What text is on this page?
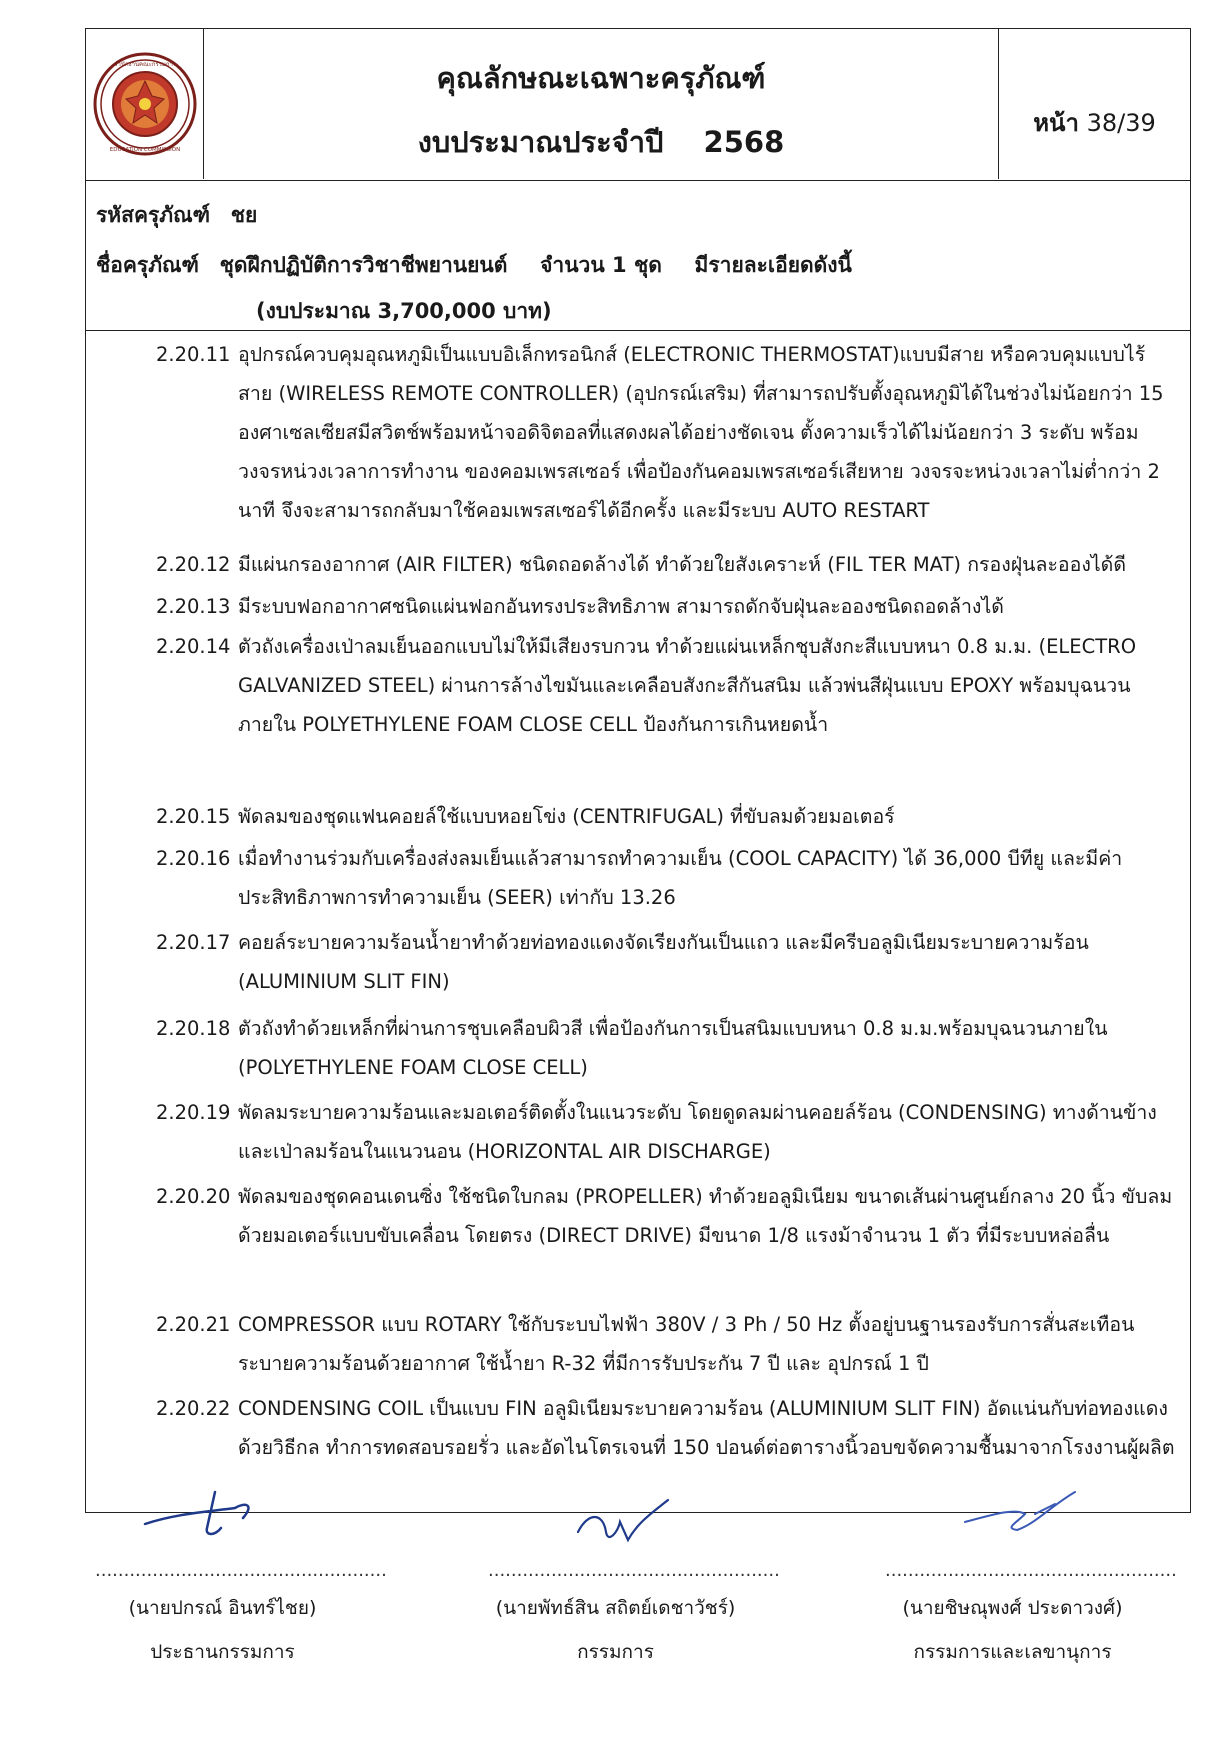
สำนักงานคณะกรรมการ
EDUCATION COMMISSION
คุณลักษณะเฉพาะครุภัณฑ์
งบประมาณประจำปี 2568
หน้า 38/39
รหัสครุภัณฑ์ ชย
ชื่อครุภัณฑ์ ชุดฝึกปฏิบัติการวิชาชีพยานยนต์ จำนวน 1 ชุด มีรายละเอียดดังนี้
(งบประมาณ 3,700,000 บาท)
2.20.11 อุปกรณ์ควบคุมอุณหภูมิเป็นแบบอิเล็กทรอนิกส์ (ELECTRONIC THERMOSTAT)แบบมีสาย หรือควบคุมแบบไร้สาย (WIRELESS REMOTE CONTROLLER) (อุปกรณ์เสริม) ที่สามารถปรับตั้งอุณหภูมิได้ในช่วงไม่น้อยกว่า 15 องศาเซลเซียสมีสวิตช์พร้อมหน้าจอดิจิตอลที่แสดงผลได้อย่างชัดเจน ตั้งความเร็วได้ไม่น้อยกว่า 3 ระดับ พร้อมวงจรหน่วงเวลาการทำงาน ของคอมเพรสเซอร์ เพื่อป้องกันคอมเพรสเซอร์เสียหาย วงจรจะหน่วงเวลาไม่ต่ำกว่า 2 นาที จึงจะสามารถกลับมาใช้คอมเพรสเซอร์ได้อีกครั้ง และมีระบบ AUTO RESTART
2.20.12 มีแผ่นกรองอากาศ (AIR FILTER) ชนิดถอดล้างได้ ทำด้วยใยสังเคราะห์ (FIL TER MAT) กรองฝุ่นละอองได้ดี
2.20.13 มีระบบฟอกอากาศชนิดแผ่นฟอกอันทรงประสิทธิภาพ สามารถดักจับฝุ่นละอองชนิดถอดล้างได้
2.20.14 ตัวถังเครื่องเป่าลมเย็นออกแบบไม่ให้มีเสียงรบกวน ทำด้วยแผ่นเหล็กชุบสังกะสีแบบหนา 0.8 ม.ม. (ELECTRO GALVANIZED STEEL) ผ่านการล้างไขมันและเคลือบสังกะสีกันสนิม แล้วพ่นสีฝุ่นแบบ EPOXY พร้อมบุฉนวนภายใน POLYETHYLENE FOAM CLOSE CELL ป้องกันการเกินหยดน้ำ
2.20.15 พัดลมของชุดแฟนคอยล์ใช้แบบหอยโข่ง (CENTRIFUGAL) ที่ขับลมด้วยมอเตอร์
2.20.16 เมื่อทำงานร่วมกับเครื่องส่งลมเย็นแล้วสามารถทำความเย็น (COOL CAPACITY) ได้ 36,000 บีทียู และมีค่าประสิทธิภาพการทำความเย็น (SEER) เท่ากับ 13.26
2.20.17 คอยล์ระบายความร้อนน้ำยาทำด้วยท่อทองแดงจัดเรียงกันเป็นแถว และมีครีบอลูมิเนียมระบายความร้อน (ALUMINIUM SLIT FIN)
2.20.18 ตัวถังทำด้วยเหล็กที่ผ่านการชุบเคลือบผิวสี เพื่อป้องกันการเป็นสนิมแบบหนา 0.8 ม.ม.พร้อมบุฉนวนภายใน (POLYETHYLENE FOAM CLOSE CELL)
2.20.19 พัดลมระบายความร้อนและมอเตอร์ติดตั้งในแนวระดับ โดยดูดลมผ่านคอยล์ร้อน (CONDENSING) ทางด้านข้าง และเป่าลมร้อนในแนวนอน (HORIZONTAL AIR DISCHARGE)
2.20.20 พัดลมของชุดคอนเดนซิ่ง ใช้ชนิดใบกลม (PROPELLER) ทำด้วยอลูมิเนียม ขนาดเส้นผ่านศูนย์กลาง 20 นิ้ว ขับลมด้วยมอเตอร์แบบขับเคลื่อน โดยตรง (DIRECT DRIVE) มีขนาด 1/8 แรงม้าจำนวน 1 ตัว ที่มีระบบหล่อลื่น
2.20.21 COMPRESSOR แบบ ROTARY ใช้กับระบบไฟฟ้า 380V / 3 Ph / 50 Hz ตั้งอยู่บนฐานรองรับการสั่นสะเทือนระบายความร้อนด้วยอากาศ ใช้น้ำยา R-32 ที่มีการรับประกัน 7 ปี และ อุปกรณ์ 1 ปี
2.20.22 CONDENSING COIL เป็นแบบ FIN อลูมิเนียมระบายความร้อน (ALUMINIUM SLIT FIN) อัดแน่นกับท่อทองแดงด้วยวิธีกล ทำการทดสอบรอยรั่ว และอัดไนโตรเจนที่ 150 ปอนด์ต่อตารางนิ้วอบขจัดความชื้นมาจากโรงงานผู้ผลิต
...................................................
(นายปกรณ์ อินทร์ไชย)
ประธานกรรมการ
...................................................
(นายพัทธ์สิน สถิตย์เดชาวัชร์)
กรรมการ
...................................................
(นายชิษณุพงศ์ ประดาวงศ์)
กรรมการและเลขานุการ
